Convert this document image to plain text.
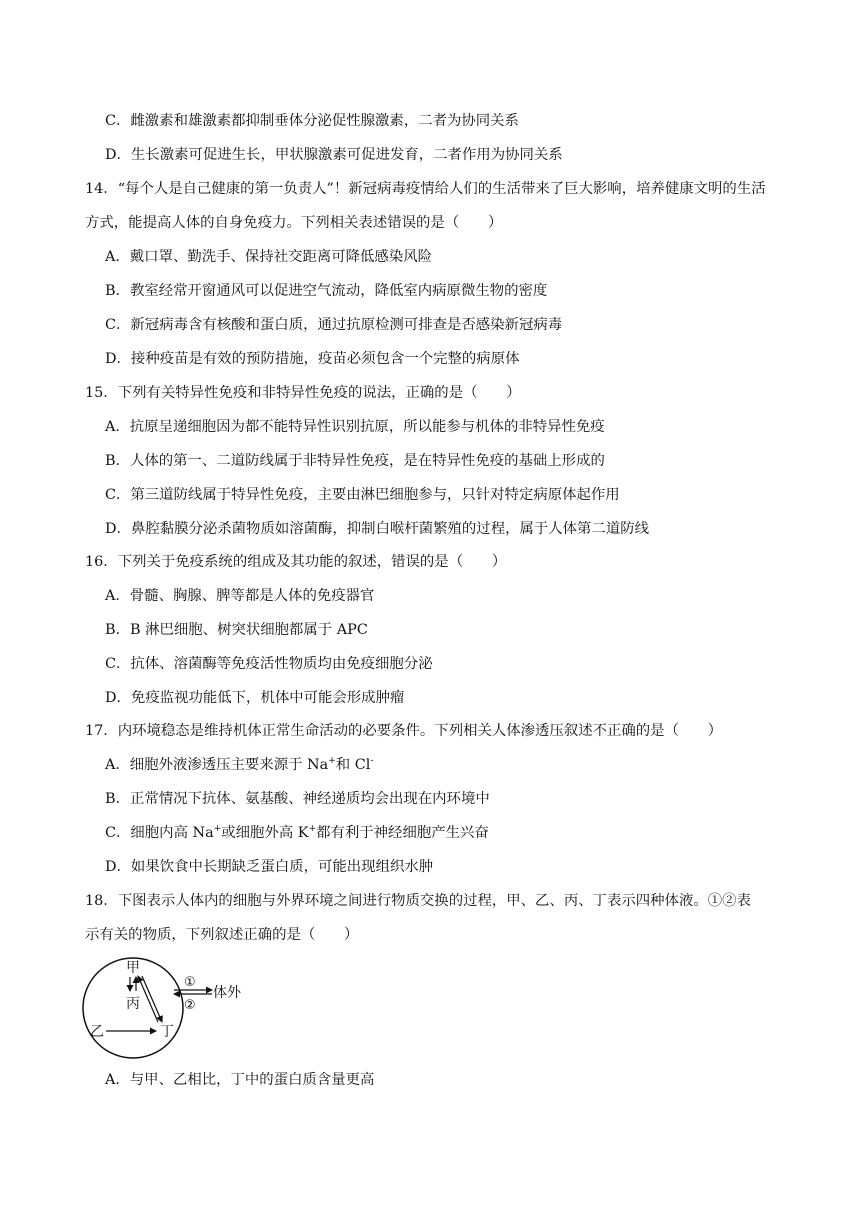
C．雌激素和雄激素都抑制垂体分泌促性腺激素，二者为协同关系
D．生长激素可促进生长，甲状腺激素可促进发育，二者作用为协同关系
14．“每个人是自己健康的第一负责人”！新冠病毒疫情给人们的生活带来了巨大影响，培养健康文明的生活
方式，能提高人体的自身免疫力。下列相关表述错误的是（　　）
A．戴口罩、勤洗手、保持社交距离可降低感染风险
B．教室经常开窗通风可以促进空气流动，降低室内病原微生物的密度
C．新冠病毒含有核酸和蛋白质，通过抗原检测可排查是否感染新冠病毒
D．接种疫苗是有效的预防措施，疫苗必须包含一个完整的病原体
15．下列有关特异性免疫和非特异性免疫的说法，正确的是（　　）
A．抗原呈递细胞因为都不能特异性识别抗原，所以能参与机体的非特异性免疫
B．人体的第一、二道防线属于非特异性免疫，是在特异性免疫的基础上形成的
C．第三道防线属于特异性免疫，主要由淋巴细胞参与，只针对特定病原体起作用
D．鼻腔黏膜分泌杀菌物质如溶菌酶，抑制白喉杆菌繁殖的过程，属于人体第二道防线
16．下列关于免疫系统的组成及其功能的叙述，错误的是（　　）
A．骨髓、胸腺、脾等都是人体的免疫器官
B．B 淋巴细胞、树突状细胞都属于 APC
C．抗体、溶菌酶等免疫活性物质均由免疫细胞分泌
D．免疫监视功能低下，机体中可能会形成肿瘤
17．内环境稳态是维持机体正常生命活动的必要条件。下列相关人体渗透压叙述不正确的是（　　）
A．细胞外液渗透压主要来源于 Na+和 Cl-
B．正常情况下抗体、氨基酸、神经递质均会出现在内环境中
C．细胞内高 Na+或细胞外高 K+都有利于神经细胞产生兴奋
D．如果饮食中长期缺乏蛋白质，可能出现组织水肿
18．下图表示人体内的细胞与外界环境之间进行物质交换的过程，甲、乙、丙、丁表示四种体液。①②表
示有关的物质，下列叙述正确的是（　　）
甲
丙
乙	丁
①
②
体外
A．与甲、乙相比，丁中的蛋白质含量更高
